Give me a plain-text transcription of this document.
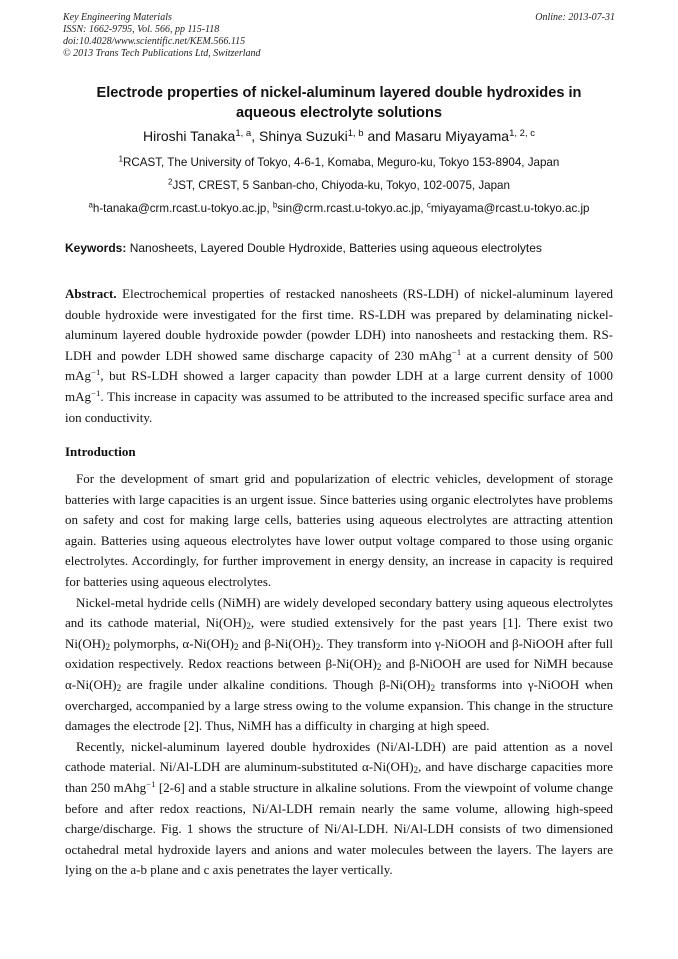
Key Engineering Materials
ISSN: 1662-9795, Vol. 566, pp 115-118
doi:10.4028/www.scientific.net/KEM.566.115
© 2013 Trans Tech Publications Ltd, Switzerland
Online: 2013-07-31
Electrode properties of nickel-aluminum layered double hydroxides in
aqueous electrolyte solutions
Hiroshi Tanaka$^{1, a}$, Shinya Suzuki$^{1, b}$ and Masaru Miyayama$^{1, 2, c}$
$^1$RCAST, The University of Tokyo, 4-6-1, Komaba, Meguro-ku, Tokyo 153-8904, Japan
$^2$JST, CREST, 5 Sanban-cho, Chiyoda-ku, Tokyo, 102-0075, Japan
$^a$h-tanaka@crm.rcast.u-tokyo.ac.jp, $^b$sin@crm.rcast.u-tokyo.ac.jp, $^c$miyayama@rcast.u-tokyo.ac.jp
Keywords: Nanosheets, Layered Double Hydroxide, Batteries using aqueous electrolytes

Abstract. Electrochemical properties of restacked nanosheets (RS-LDH) of nickel-aluminum layered double hydroxide were investigated for the first time. RS-LDH was prepared by delaminating nickel-aluminum layered double hydroxide powder (powder LDH) into nanosheets and restacking them. RS-LDH and powder LDH showed same discharge capacity of 230 mAhg$^{-1}$ at a current density of 500 mAg$^{-1}$, but RS-LDH showed a larger capacity than powder LDH at a large current density of 1000 mAg$^{-1}$. This increase in capacity was assumed to be attributed to the increased specific surface area and ion conductivity.

Introduction

For the development of smart grid and popularization of electric vehicles, development of storage batteries with large capacities is an urgent issue. Since batteries using organic electrolytes have problems on safety and cost for making large cells, batteries using aqueous electrolytes are attracting attention again. Batteries using aqueous electrolytes have lower output voltage compared to those using organic electrolytes. Accordingly, for further improvement in energy density, an increase in capacity is required for batteries using aqueous electrolytes.

Nickel-metal hydride cells (NiMH) are widely developed secondary battery using aqueous electrolytes and its cathode material, $Ni(OH)_2$, were studied extensively for the past years [1]. There exist two $Ni(OH)_2$ polymorphs, $\alpha-Ni(OH)_2$ and $\beta-Ni(OH)_2$. They transform into γ-NiOOH and β-NiOOH after full oxidation respectively. Redox reactions between $\beta-Ni(OH)_2$ and β-NiOOH are used for NiMH because $\alpha-Ni(OH)_2$ are fragile under alkaline conditions. Though $\beta-Ni(OH)_2$ transforms into γ-NiOOH when overcharged, accompanied by a large stress owing to the volume expansion. This change in the structure damages the electrode [2]. Thus, NiMH has a difficulty in charging at high speed.

Recently, nickel-aluminum layered double hydroxides (Ni/Al-LDH) are paid attention as a novel cathode material. Ni/Al-LDH are aluminum-substituted $\alpha-Ni(OH)_2$, and have discharge capacities more than 250 mAhg$^{-1}$ [2-6] and a stable structure in alkaline solutions. From the viewpoint of volume change before and after redox reactions, Ni/Al-LDH remain nearly the same volume, allowing high-speed charge/discharge. Fig. 1 shows the structure of Ni/Al-LDH. Ni/Al-LDH consists of two dimensioned octahedral metal hydroxide layers and anions and water molecules between the layers. The layers are lying on the a-b plane and c axis penetrates the layer vertically.
